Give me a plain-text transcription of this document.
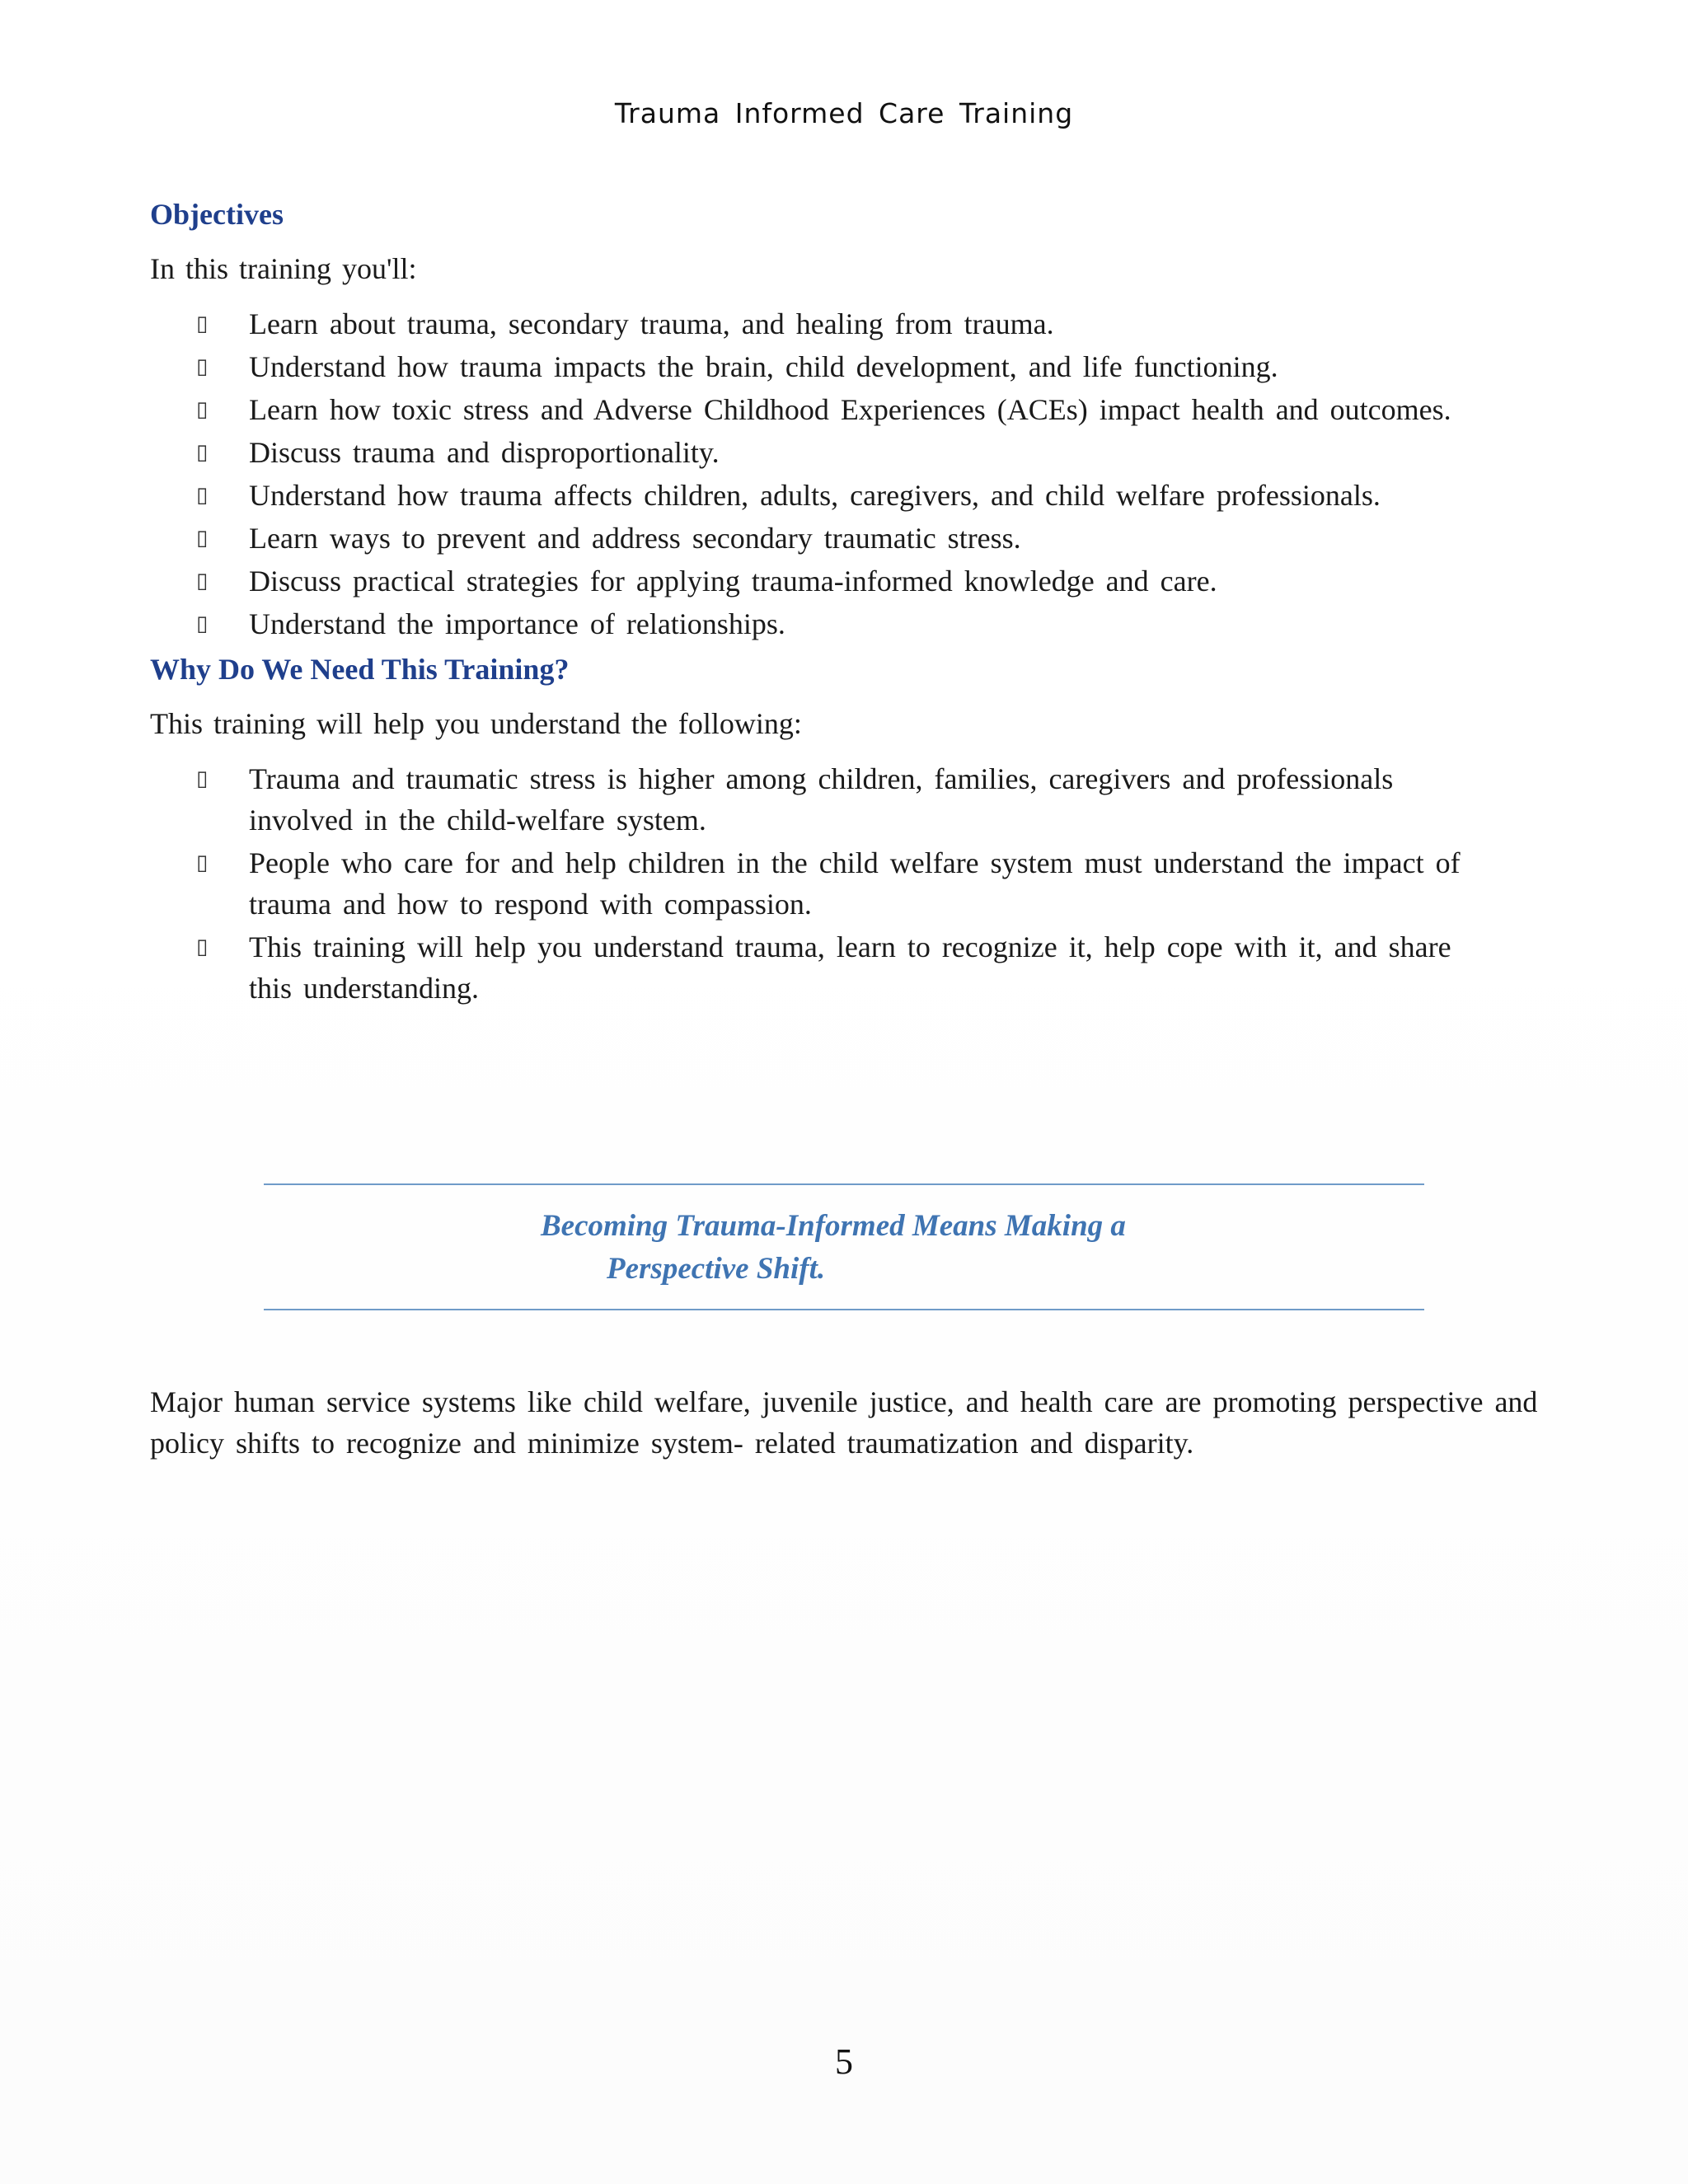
Trauma Informed Care Training
Objectives

In this training you'll:

▯ Learn about trauma, secondary trauma, and healing from trauma.
▯ Understand how trauma impacts the brain, child development, and life functioning.
▯ Learn how toxic stress and Adverse Childhood Experiences (ACEs) impact health and outcomes.
▯ Discuss trauma and disproportionality.
▯ Understand how trauma affects children, adults, caregivers, and child welfare professionals.
▯ Learn ways to prevent and address secondary traumatic stress.
▯ Discuss practical strategies for applying trauma-informed knowledge and care.
▯ Understand the importance of relationships.
Why Do We Need This Training?

This training will help you understand the following:

▯ Trauma and traumatic stress is higher among children, families, caregivers and professionals involved in the child-welfare system.
▯ People who care for and help children in the child welfare system must understand the impact of trauma and how to respond with compassion.
▯ This training will help you understand trauma, learn to recognize it, help cope with it, and share this understanding.
Becoming Trauma-Informed Means Making a
Perspective Shift.

Major human service systems like child welfare, juvenile justice, and health care are promoting perspective and policy shifts to recognize and minimize system- related traumatization and disparity.

5
